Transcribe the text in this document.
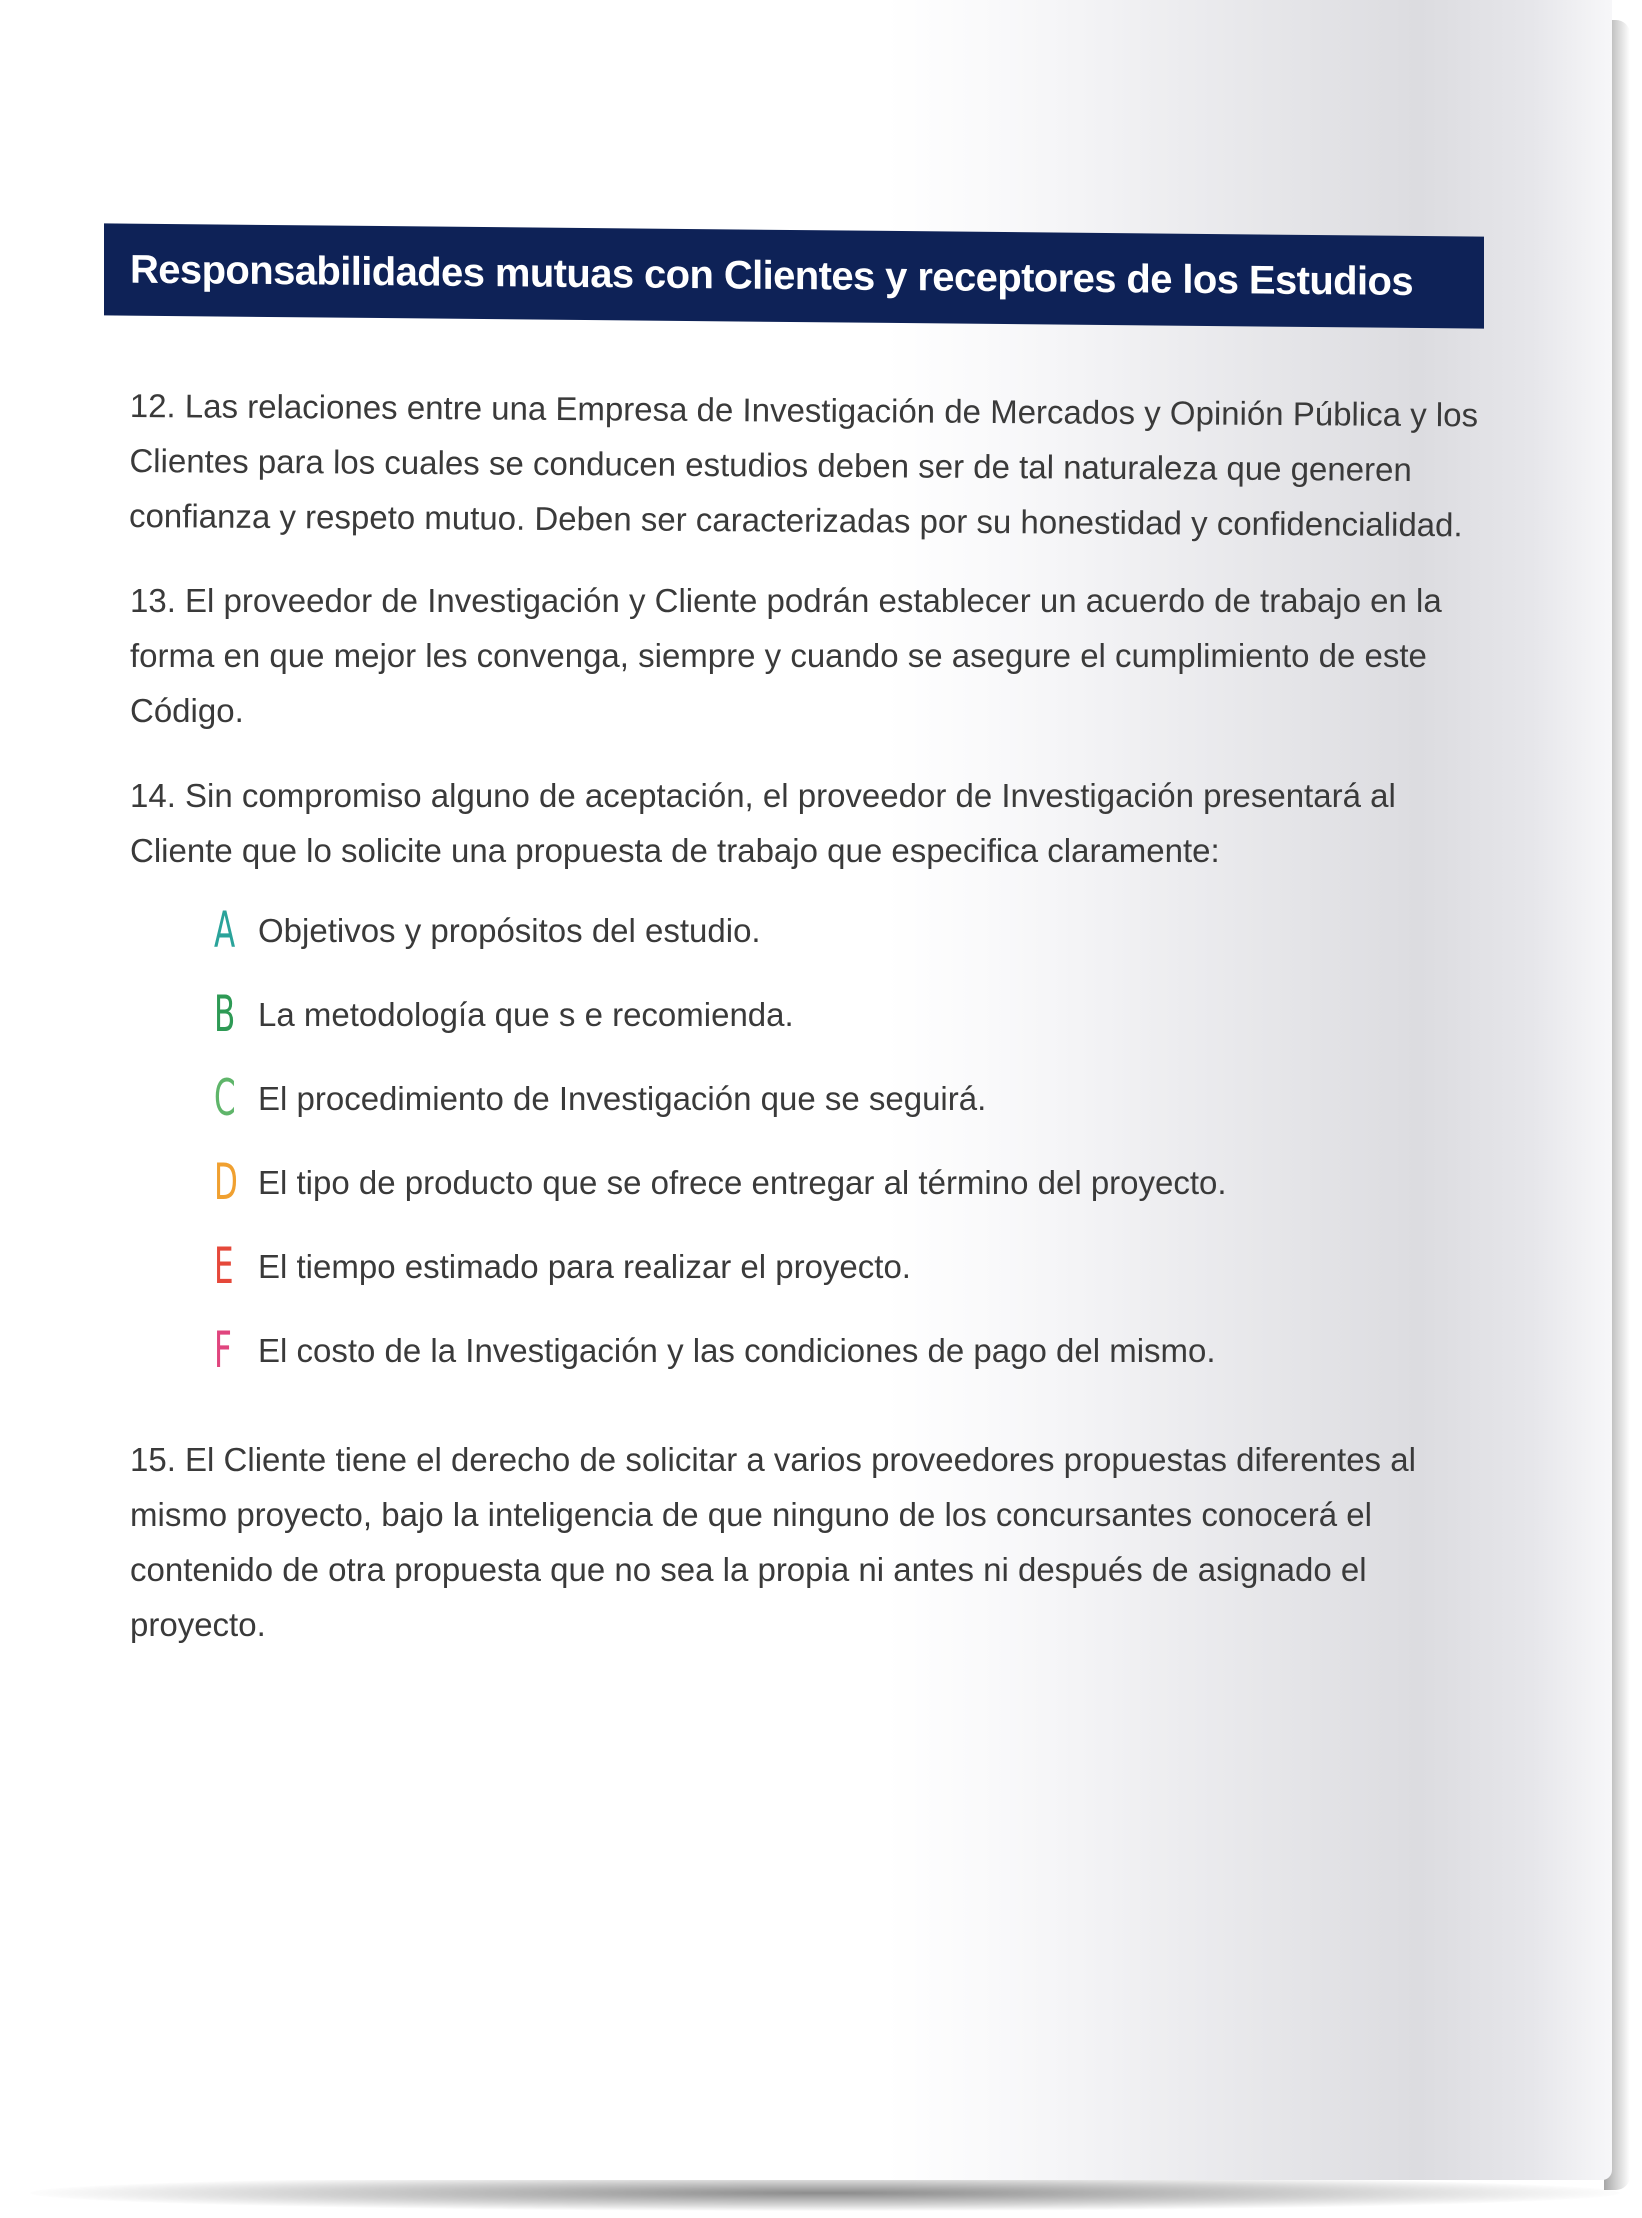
Responsabilidades mutuas con Clientes y receptores de los Estudios

12. Las relaciones entre una Empresa de Investigación de Mercados y Opinión Pública y los Clientes para los cuales se conducen estudios deben ser de tal naturaleza que generen confianza y respeto mutuo. Deben ser caracterizadas por su honestidad y confidencialidad.

13. El proveedor de Investigación y Cliente podrán establecer un acuerdo de trabajo en la forma en que mejor les convenga, siempre y cuando se asegure el cumplimiento de este Código.

14. Sin compromiso alguno de aceptación, el proveedor de Investigación presentará al Cliente que lo solicite una propuesta de trabajo que especifica claramente:

A Objetivos y propósitos del estudio.
B La metodología que s e recomienda.
C El procedimiento de Investigación que se seguirá.
D El tipo de producto que se ofrece entregar al término del proyecto.
E El tiempo estimado para realizar el proyecto.
F El costo de la Investigación y las condiciones de pago del mismo.

15. El Cliente tiene el derecho de solicitar a varios proveedores propuestas diferentes al mismo proyecto, bajo la inteligencia de que ninguno de los concursantes conocerá el contenido de otra propuesta que no sea la propia ni antes ni después de asignado el proyecto.
